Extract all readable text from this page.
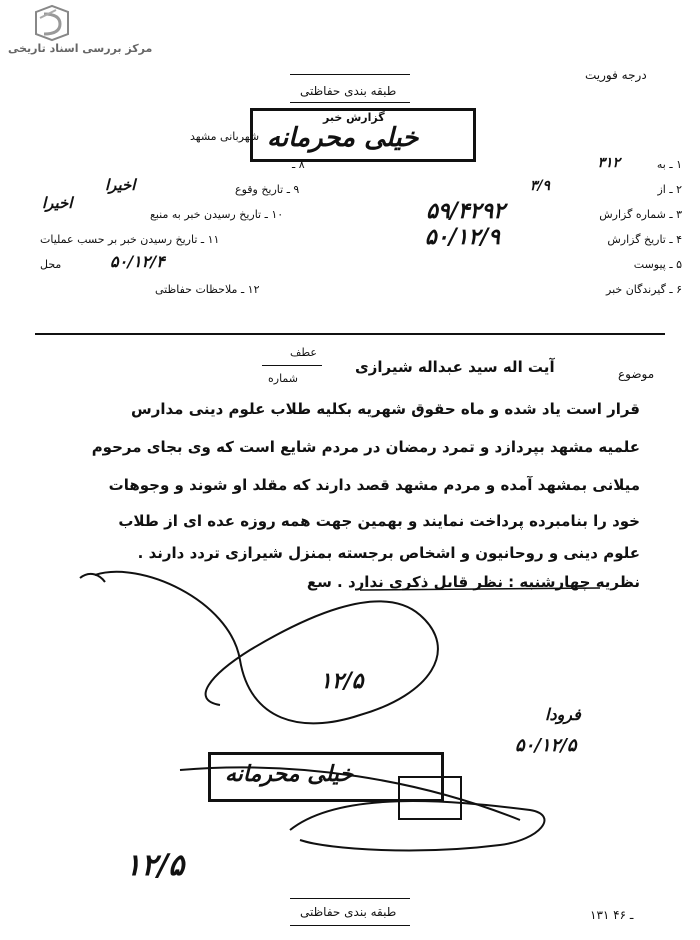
مرکز بررسی اسناد تاریخی
طبقه بندی حفاظتی
درجه فوریت
گزارش خبر
خیلی محرمانه
۱ ـ به
۳۱۲
۲ ـ از
۳/۹
۳ ـ شماره گزارش
۵۹/۴۲۹۲
۴ ـ تاریخ گزارش
۵۰/۱۲/۹
۵ ـ پیوست
۶ ـ گیرندگان خبر
شهربانی مشهد
۸ ـ
۹ ـ تاریخ وقوع
اخیرا
۱۰ ـ تاریخ رسیدن خبر به منبع
اخیرا
۱۱ ـ تاریخ رسیدن خبر بر حسب عملیات
محل	۵۰/۱۲/۴
۱۲ ـ ملاحظات حفاظتی
موضوع
آیت اله سید عبداله شیرازی
عطف
شماره
قرار است یاد شده و ماه حقوق شهریه بکلیه طلاب علوم دینی مدارس
علمیه مشهد بپردازد و تمرد رمضان در مردم شایع است که وی بجای مرحوم
میلانی بمشهد آمده و مردم مشهد قصد دارند که مقلد او شوند و وجوهات
خود را بنامبرده پرداخت نمایند و بهمین جهت همه روزه عده ای از طلاب
علوم دینی و روحانیون و اشخاص برجسته بمنزل شیرازی تردد دارند .
نظریه چهارشنبه : نظر قابل ذکری ندارد . سع
۱۲/۵
فرودا
۵۰/۱۲/۵
خیلی محرمانه
۱۲/۵
طبقه بندی حفاظتی	۱۳۱ ـ ۴۶
